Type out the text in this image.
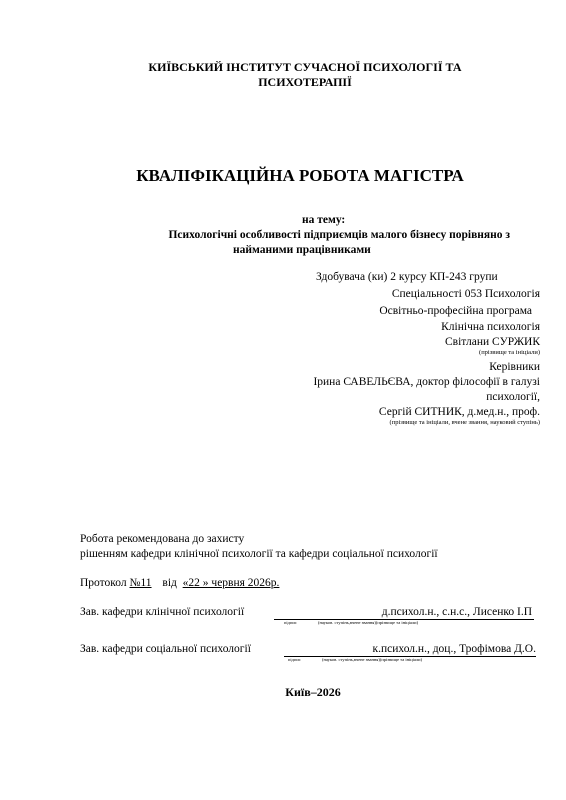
КИЇВСЬКИЙ ІНСТИТУТ СУЧАСНОЇ ПСИХОЛОГІЇ ТА
ПСИХОТЕРАПІЇ
КВАЛІФІКАЦІЙНА РОБОТА МАГІСТРА
на тему:
Психологічні особливості підприємців малого бізнесу порівняно з
найманими працівниками
Здобувача (ки) 2 курсу КП-243 групи
Спеціальності 053 Психологія
Освітньо-професійна програма
Клінічна психологія
Світлани СУРЖИК
(прізвище та ініціали)
Керівники
Ірина САВЕЛЬЄВА, доктор філософії в галузі
психології,
Сергій СИТНИК, д.мед.н., проф.
(прізвище та ініціали, вчене звання, науковий ступінь)
Робота рекомендована до захисту
рішенням кафедри клінічної психології та кафедри соціальної психології
Протокол №11 від «22 » червня 2026р.
Зав. кафедри клінічної психології	д.психол.н., с.н.с., Лисенко І.П
підпис	(науков. ступінь,вчене звання)(прізвище та ініціали)
Зав. кафедри соціальної психології	к.психол.н., доц., Трофімова Д.О.
підпис	(науков. ступінь,вчене звання)(прізвище та ініціали)
Київ–2026
